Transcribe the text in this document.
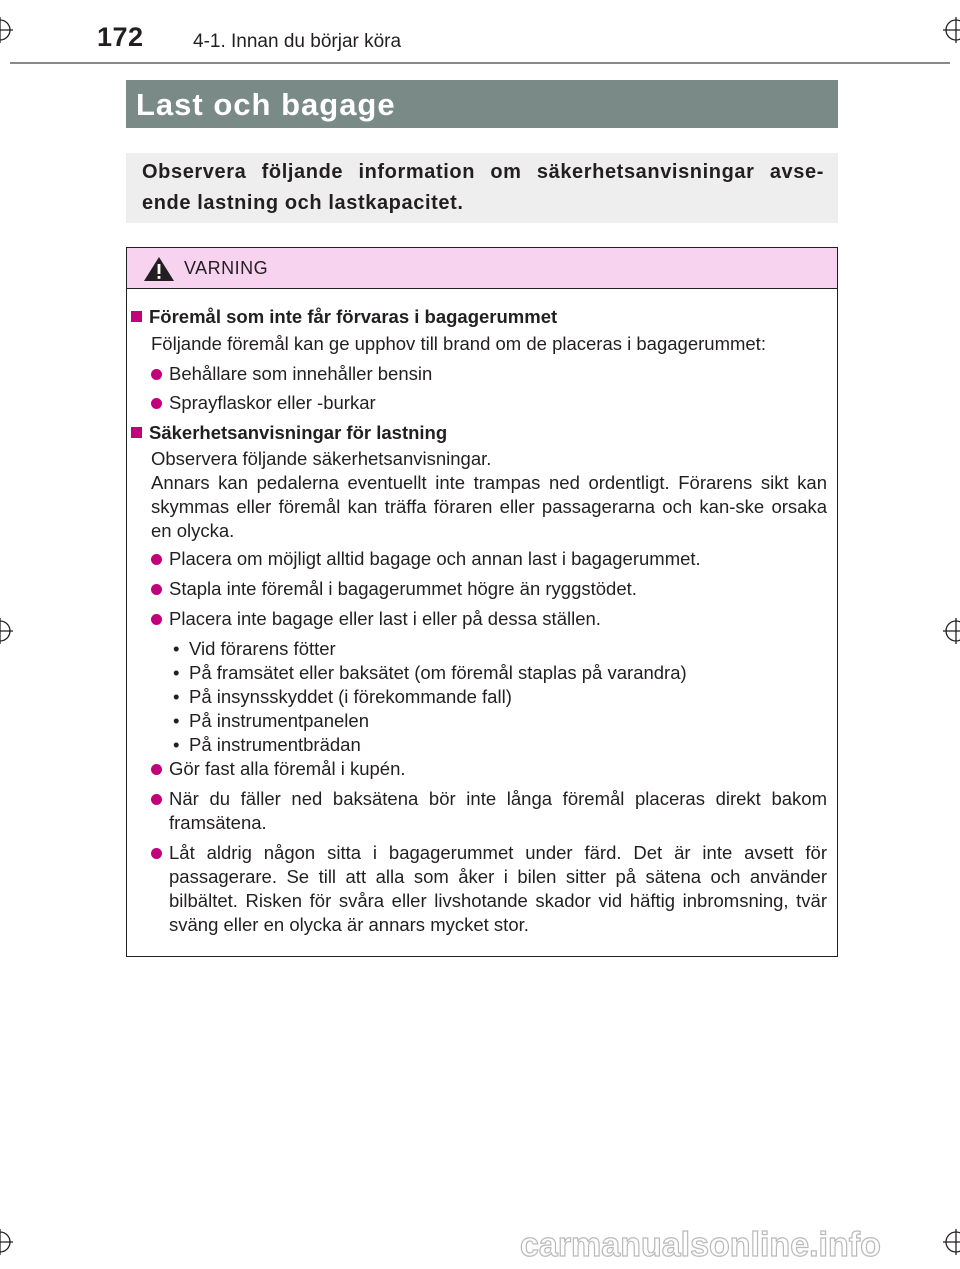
172	4-1. Innan du börjar köra
Last och bagage

Observera följande information om säkerhetsanvisningar avse-ende lastning och lastkapacitet.

VARNING
Föremål som inte får förvaras i bagagerummet
Följande föremål kan ge upphov till brand om de placeras i bagagerummet:
Behållare som innehåller bensin
Sprayflaskor eller -burkar
Säkerhetsanvisningar för lastning
Observera följande säkerhetsanvisningar.
Annars kan pedalerna eventuellt inte trampas ned ordentligt. Förarens sikt kan skymmas eller föremål kan träffa föraren eller passagerarna och kan-ske orsaka en olycka.
Placera om möjligt alltid bagage och annan last i bagagerummet.
Stapla inte föremål i bagagerummet högre än ryggstödet.
Placera inte bagage eller last i eller på dessa ställen.
• Vid förarens fötter
• På framsätet eller baksätet (om föremål staplas på varandra)
• På insynsskyddet (i förekommande fall)
• På instrumentpanelen
• På instrumentbrädan
Gör fast alla föremål i kupén.
När du fäller ned baksätena bör inte långa föremål placeras direkt bakom framsätena.
Låt aldrig någon sitta i bagagerummet under färd. Det är inte avsett för passagerare. Se till att alla som åker i bilen sitter på sätena och använder bilbältet. Risken för svåra eller livshotande skador vid häftig inbromsning, tvär sväng eller en olycka är annars mycket stor.
carmanualsonline.info
